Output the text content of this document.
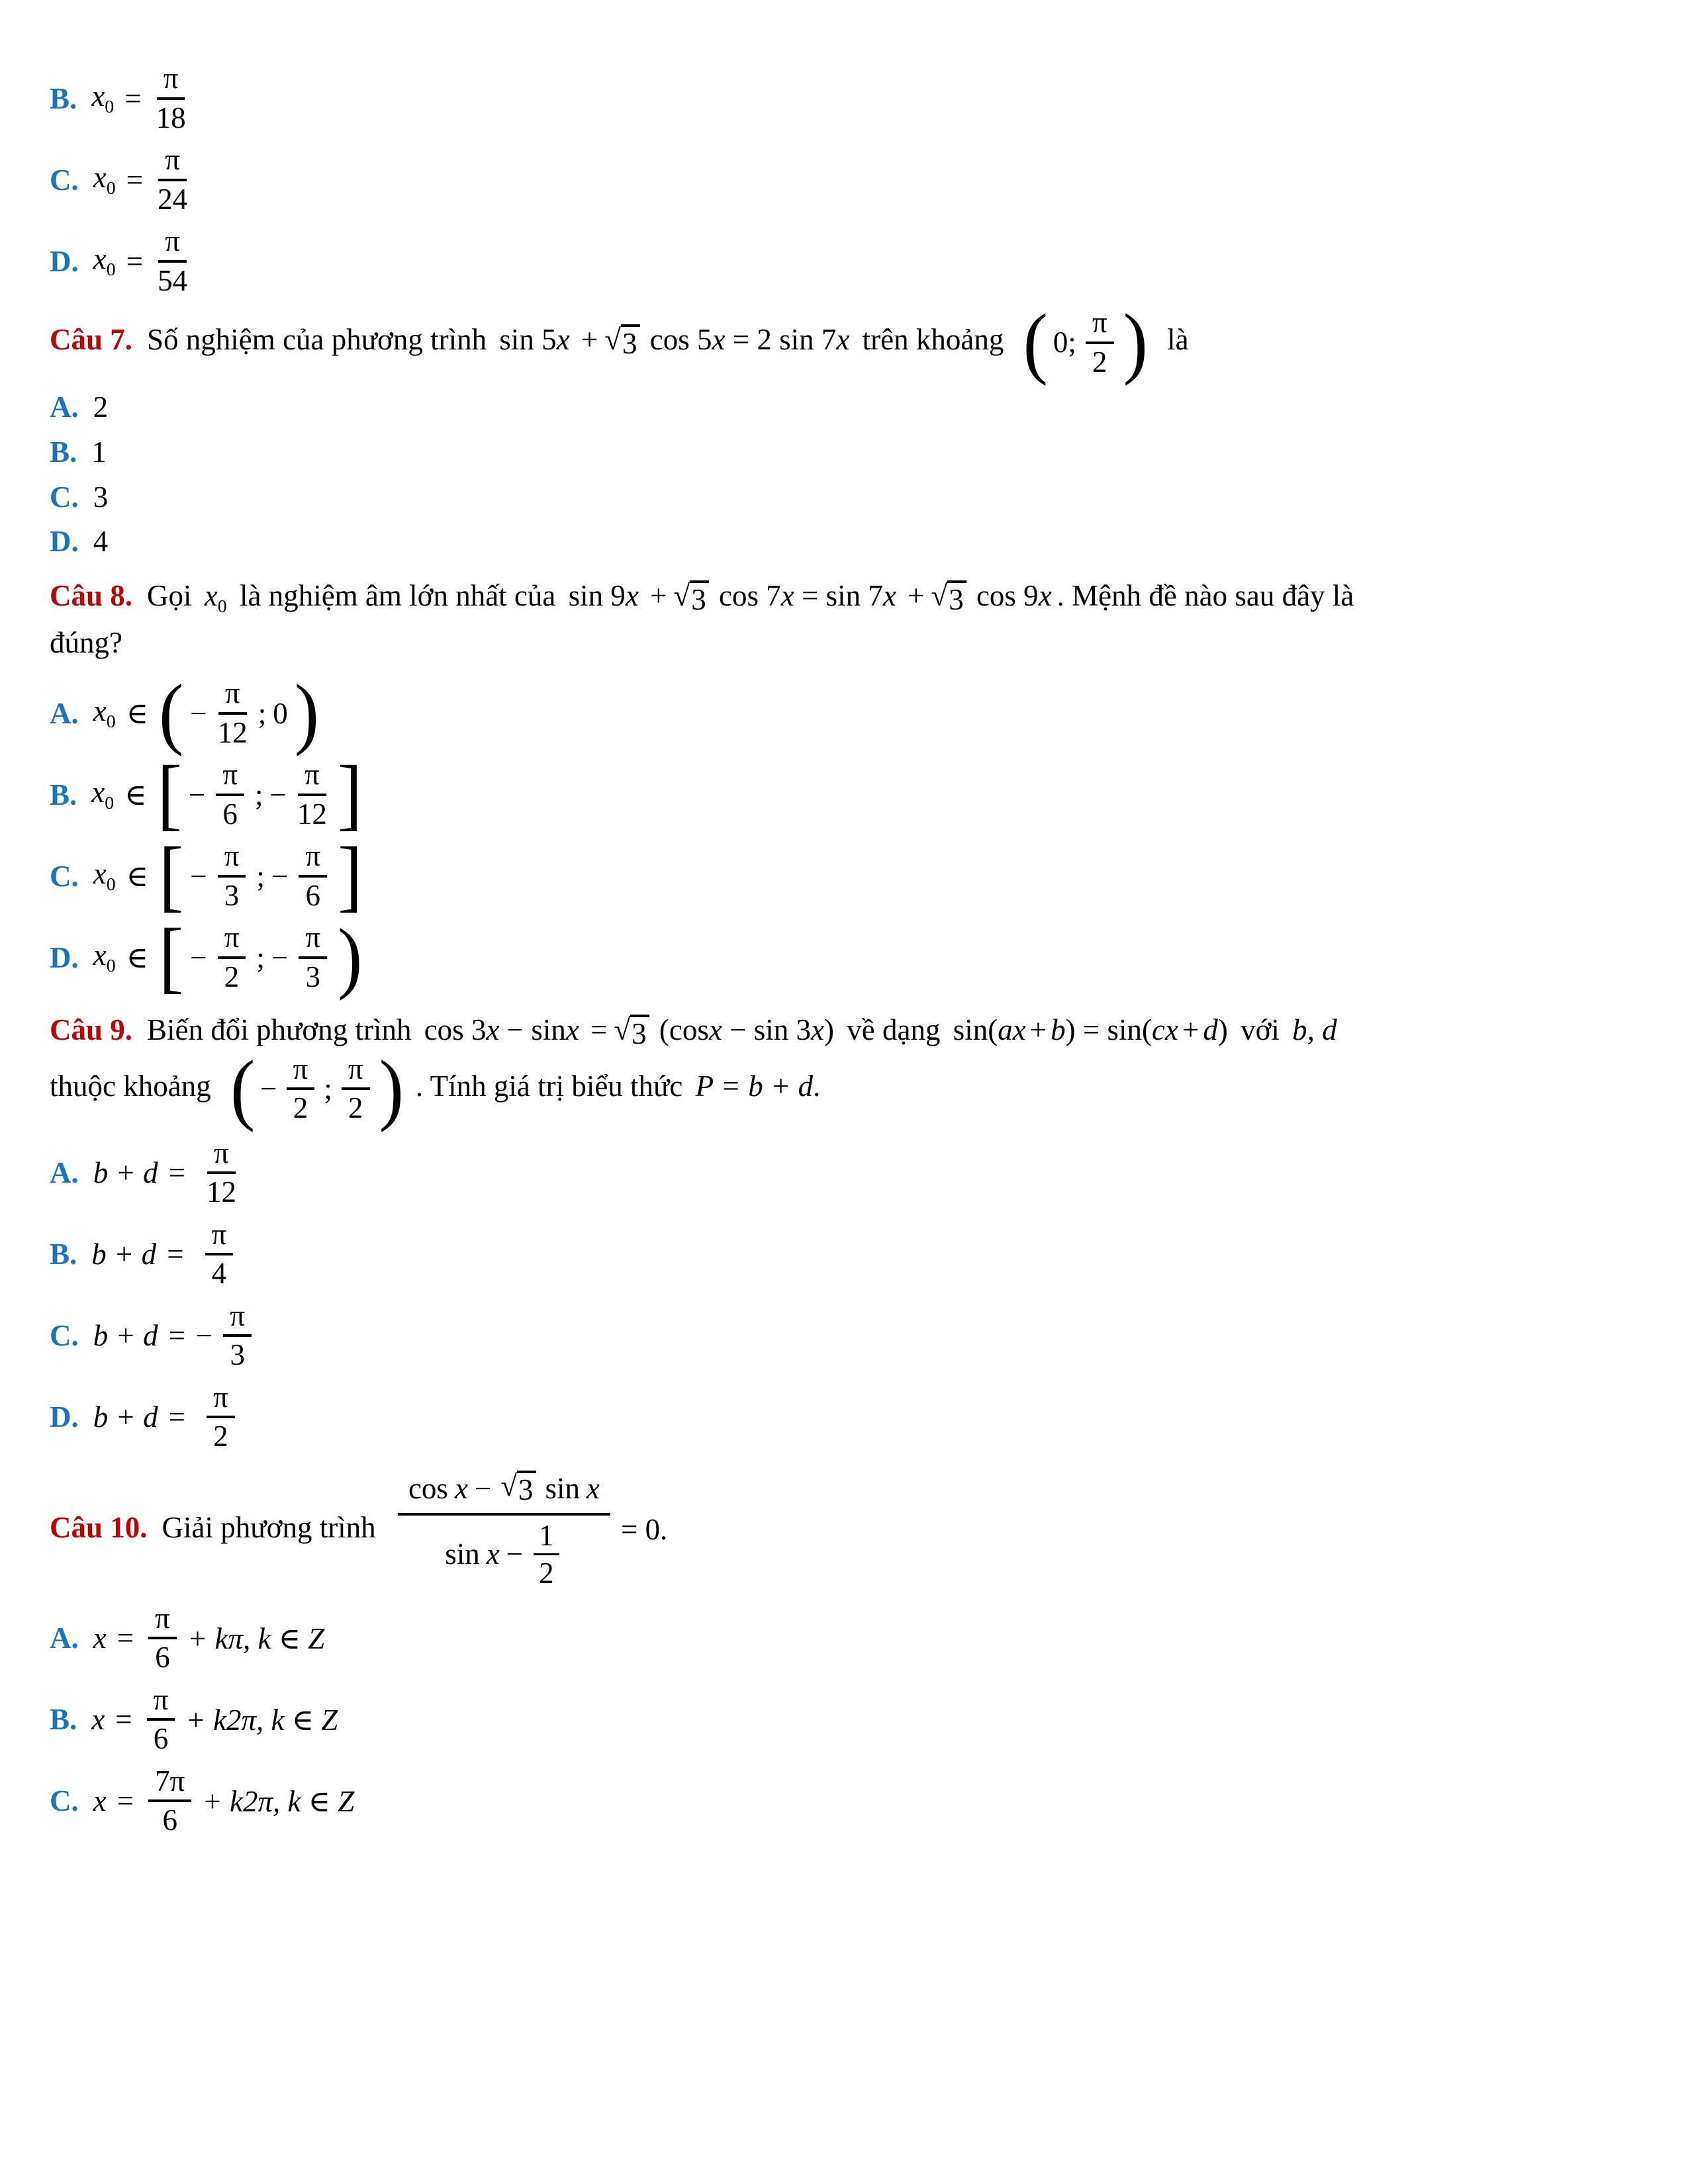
B. $x_0 = \frac{\pi}{18}$
C. $x_0 = \frac{\pi}{24}$
D. $x_0 = \frac{\pi}{54}$

Câu 7. Số nghiệm của phương trình sin 5x + √ 3 cos 5x = 2 sin 7x trên khoảng ( 0; $\frac{\pi}{2}$ ) là

A. 2
B. 1
C. 3
D. 4

Câu 8. Gọi $x_0$ là nghiệm âm lớn nhất của sin 9x + √ 3 cos 7x = sin 7x + √ 3 cos 9x . Mệnh đề nào sau đây là
đúng?

A. $x_0$ ∈ ( − $\frac{\pi}{12}$ ; 0 )
B. $x_0$ ∈ [ − $\frac{\pi}{6}$ ; − $\frac{\pi}{12}$ ]
C. $x_0$ ∈ [ − $\frac{\pi}{3}$ ; − $\frac{\pi}{6}$ ]
D. $x_0$ ∈ [ − $\frac{\pi}{2}$ ; − $\frac{\pi}{3}$ )

Câu 9. Biến đổi phương trình cos 3x − sinx = √ 3 (cosx − sin 3x) về dạng sin(ax + b) = sin(cx + d) với b, d
thuộc khoảng ( − $\frac{\pi}{2}$ ; $\frac{\pi}{2}$ ) . Tính giá trị biểu thức P = b + d.

A. $b + d = \frac{\pi}{12}$
B. $b + d = \frac{\pi}{4}$
C. b + d = − $\frac{\pi}{3}$
D. $b + d = \frac{\pi}{2}$

Câu 10. Giải phương trình $\frac{\text{cos x − √ 3 sin x}}{\sin x - \frac{1}{2}} = 0$.

A. $x = \frac{\pi}{6} + k\pi$, k ∈ Z
B. $x = \frac{\pi}{6} + k2\pi$, k ∈ Z
C. $x = \frac{7\pi}{6} + k2\pi$, k ∈ Z
